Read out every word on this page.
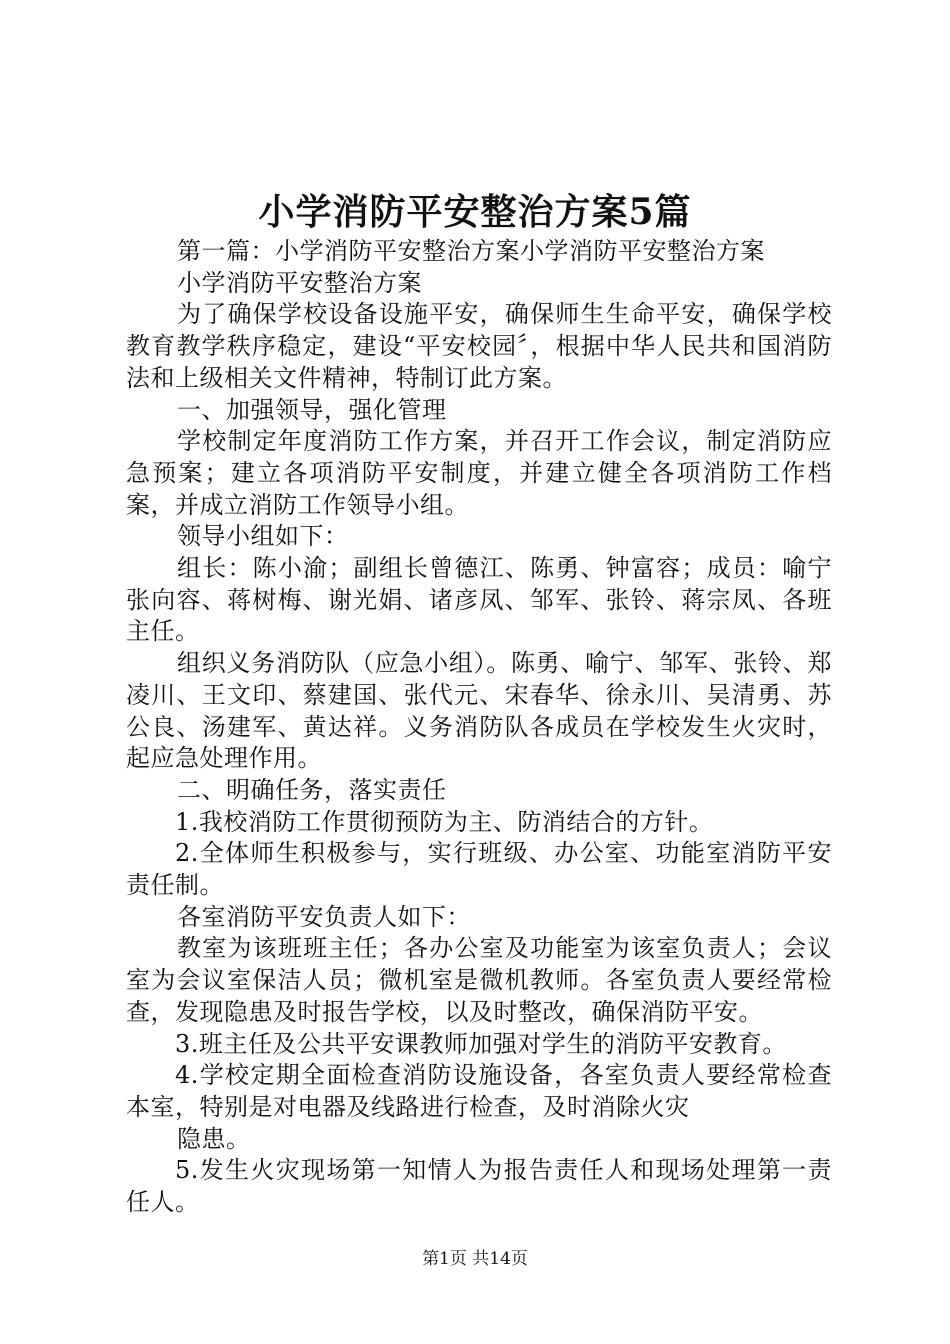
小学消防平安整治方案5篇

第一篇：小学消防平安整治方案小学消防平安整治方案

小学消防平安整治方案

为了确保学校设备设施平安，确保师生生命平安，确保学校教育教学秩序稳定，建设“平安校园〞，根据中华人民共和国消防法和上级相关文件精神，特制订此方案。

一、加强领导，强化管理

学校制定年度消防工作方案，并召开工作会议，制定消防应急预案；建立各项消防平安制度，并建立健全各项消防工作档案，并成立消防工作领导小组。

领导小组如下：

组长：陈小渝；副组长曾德江、陈勇、钟富容；成员：喻宁张向容、蒋树梅、谢光娟、诸彦凤、邹军、张铃、蒋宗凤、各班主任。

组织义务消防队（应急小组）。陈勇、喻宁、邹军、张铃、郑凌川、王文印、蔡建国、张代元、宋春华、徐永川、吴清勇、苏公良、汤建军、黄达祥。义务消防队各成员在学校发生火灾时，起应急处理作用。

二、明确任务，落实责任

1.我校消防工作贯彻预防为主、防消结合的方针。

2.全体师生积极参与，实行班级、办公室、功能室消防平安责任制。

各室消防平安负责人如下：

教室为该班班主任；各办公室及功能室为该室负责人；会议室为会议室保洁人员；微机室是微机教师。各室负责人要经常检查，发现隐患及时报告学校，以及时整改，确保消防平安。

3.班主任及公共平安课教师加强对学生的消防平安教育。

4.学校定期全面检查消防设施设备，各室负责人要经常检查本室，特别是对电器及线路进行检查，及时消除火灾

隐患。

5.发生火灾现场第一知情人为报告责任人和现场处理第一责任人。

第1页 共14页
